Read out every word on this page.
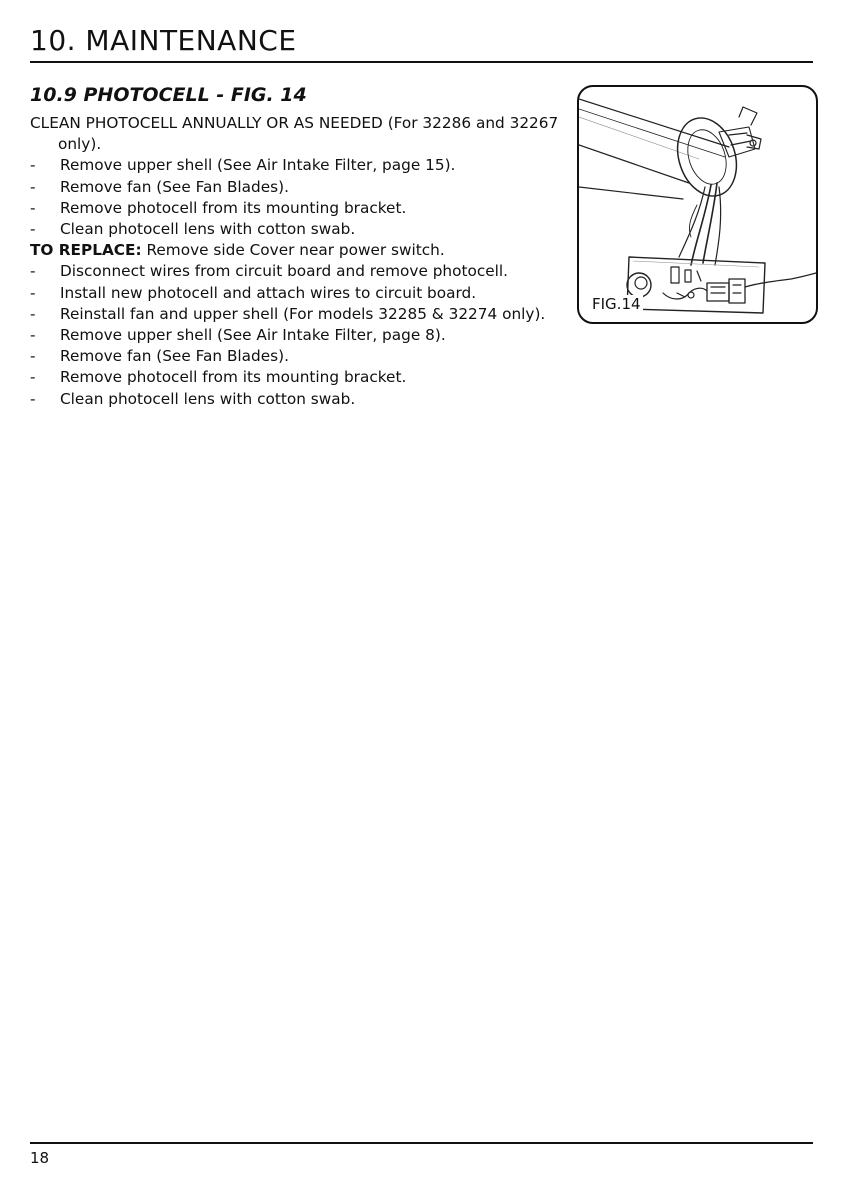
10. MAINTENANCE
10.9 PHOTOCELL - FIG. 14

CLEAN PHOTOCELL ANNUALLY OR AS NEEDED (For 32286 and 32267 only).

-	Remove upper shell (See Air Intake Filter, page 15).
-	Remove fan (See Fan Blades).
-	Remove photocell from its mounting bracket.
-	Clean photocell lens with cotton swab.

TO REPLACE: Remove side Cover near power switch.

-	Disconnect wires from circuit board and remove photocell.
-	Install new photocell and attach wires to circuit board.
-	Reinstall fan and upper shell (For models 32285 & 32274 only).
-	Remove upper shell (See Air Intake Filter, page 8).
-	Remove fan (See Fan Blades).
-	Remove photocell from its mounting bracket.
-	Clean photocell lens with cotton swab.
FIG.14
18
